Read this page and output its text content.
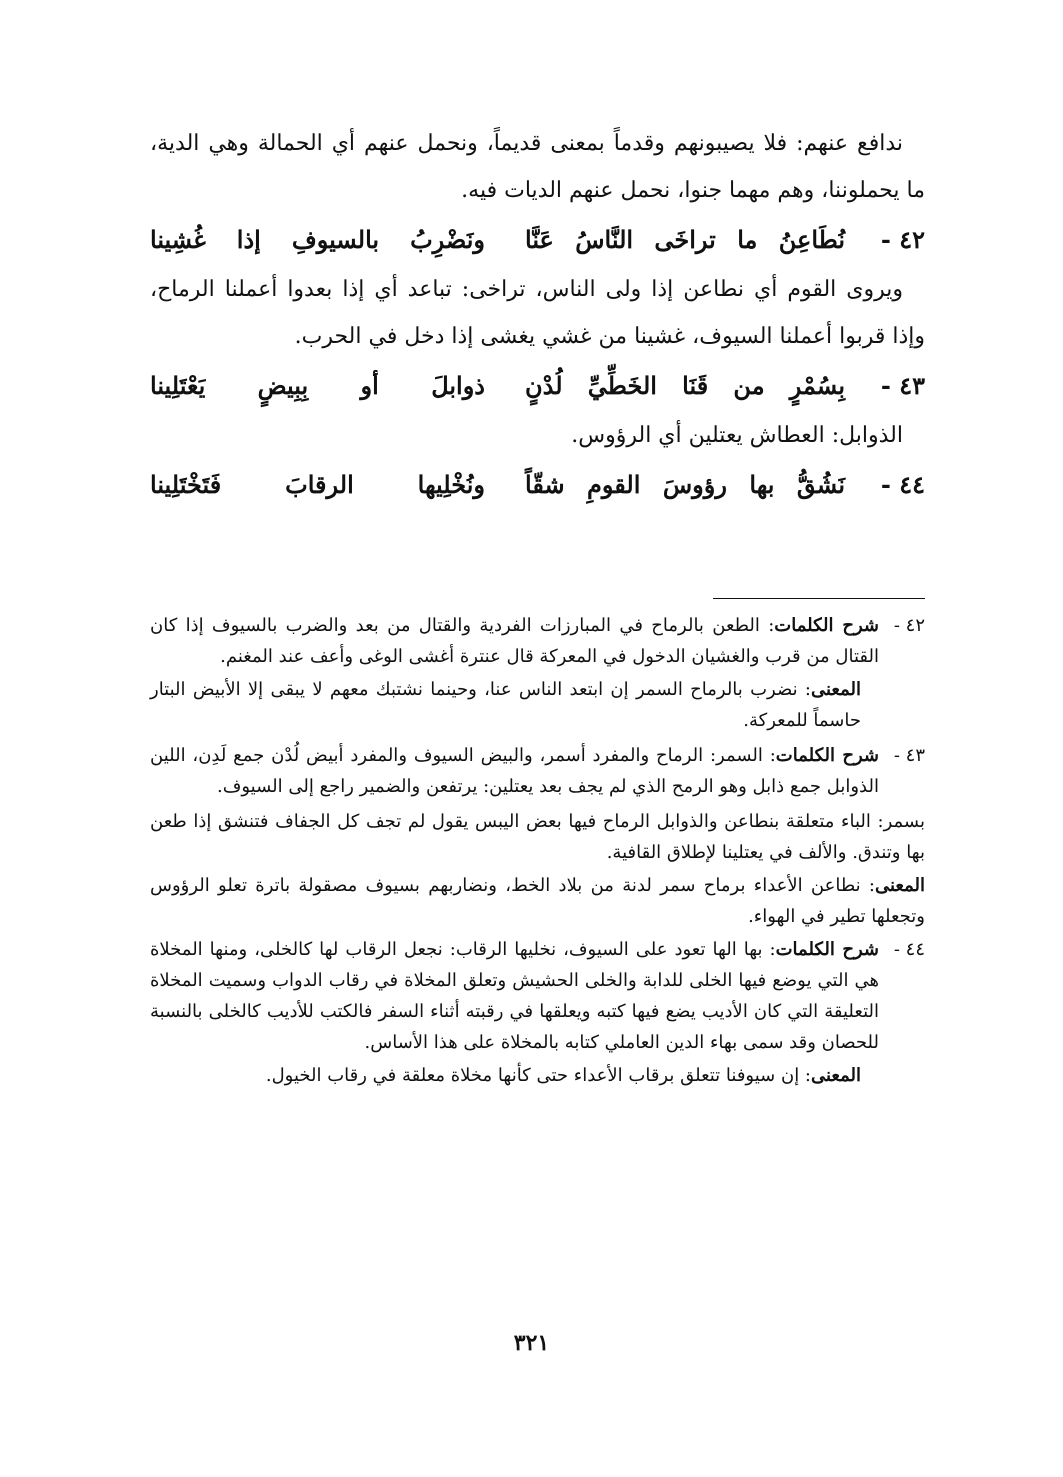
ندافع عنهم: فلا يصيبونهم وقدماً بمعنى قديماً، ونحمل عنهم أي الحمالة وهي الدية، ما يحملوننا، وهم مهما جنوا، نحمل عنهم الديات فيه.

٤٢ -
نُطَاعِنُ ما تراخَى النَّاسُ عَنَّا
ونَضْرِبُ بالسيوفِ إذا غُشِينا

ويروى القوم أي نطاعن إذا ولى الناس، تراخى: تباعد أي إذا بعدوا أعملنا الرماح، وإذا قربوا أعملنا السيوف، غشينا من غشي يغشى إذا دخل في الحرب.

٤٣ -
بِسُمْرٍ من قَنَا الخَطِّيِّ لُدْنٍ
ذوابلَ أو بِبِيضٍ يَعْتَلِينا

الذوابل: العطاش يعتلين أي الرؤوس.

٤٤ -
نَشُقُّ بها رؤوسَ القومِ شقّاً
ونُخْلِيها الرقابَ فَتَخْتَلِينا
٤٢ -

شرح الكلمات: الطعن بالرماح في المبارزات الفردية والقتال من بعد والضرب بالسيوف إذا كان القتال من قرب والغشيان الدخول في المعركة قال عنترة أغشى الوغى وأعف عند المغنم.

المعنى: نضرب بالرماح السمر إن ابتعد الناس عنا، وحينما نشتبك معهم لا يبقى إلا الأبيض البتار حاسماً للمعركة.

٤٣ -

شرح الكلمات: السمر: الرماح والمفرد أسمر، والبيض السيوف والمفرد أبيض لُدْن جمع لَدِن، اللين الذوابل جمع ذابل وهو الرمح الذي لم يجف بعد يعتلين: يرتفعن والضمير راجع إلى السيوف.

بسمر: الباء متعلقة بنطاعن والذوابل الرماح فيها بعض اليبس يقول لم تجف كل الجفاف فتنشق إذا طعن بها وتندق. والألف في يعتلينا لإطلاق القافية.

المعنى: نطاعن الأعداء برماح سمر لدنة من بلاد الخط، ونضاربهم بسيوف مصقولة باترة تعلو الرؤوس وتجعلها تطير في الهواء.

٤٤ -

شرح الكلمات: بها الها تعود على السيوف، نخليها الرقاب: نجعل الرقاب لها كالخلى، ومنها المخلاة هي التي يوضع فيها الخلى للدابة والخلى الحشيش وتعلق المخلاة في رقاب الدواب وسميت المخلاة التعليقة التي كان الأديب يضع فيها كتبه ويعلقها في رقبته أثناء السفر فالكتب للأديب كالخلى بالنسبة للحصان وقد سمى بهاء الدين العاملي كتابه بالمخلاة على هذا الأساس.

المعنى: إن سيوفنا تتعلق برقاب الأعداء حتى كأنها مخلاة معلقة في رقاب الخيول.

٣٢١
